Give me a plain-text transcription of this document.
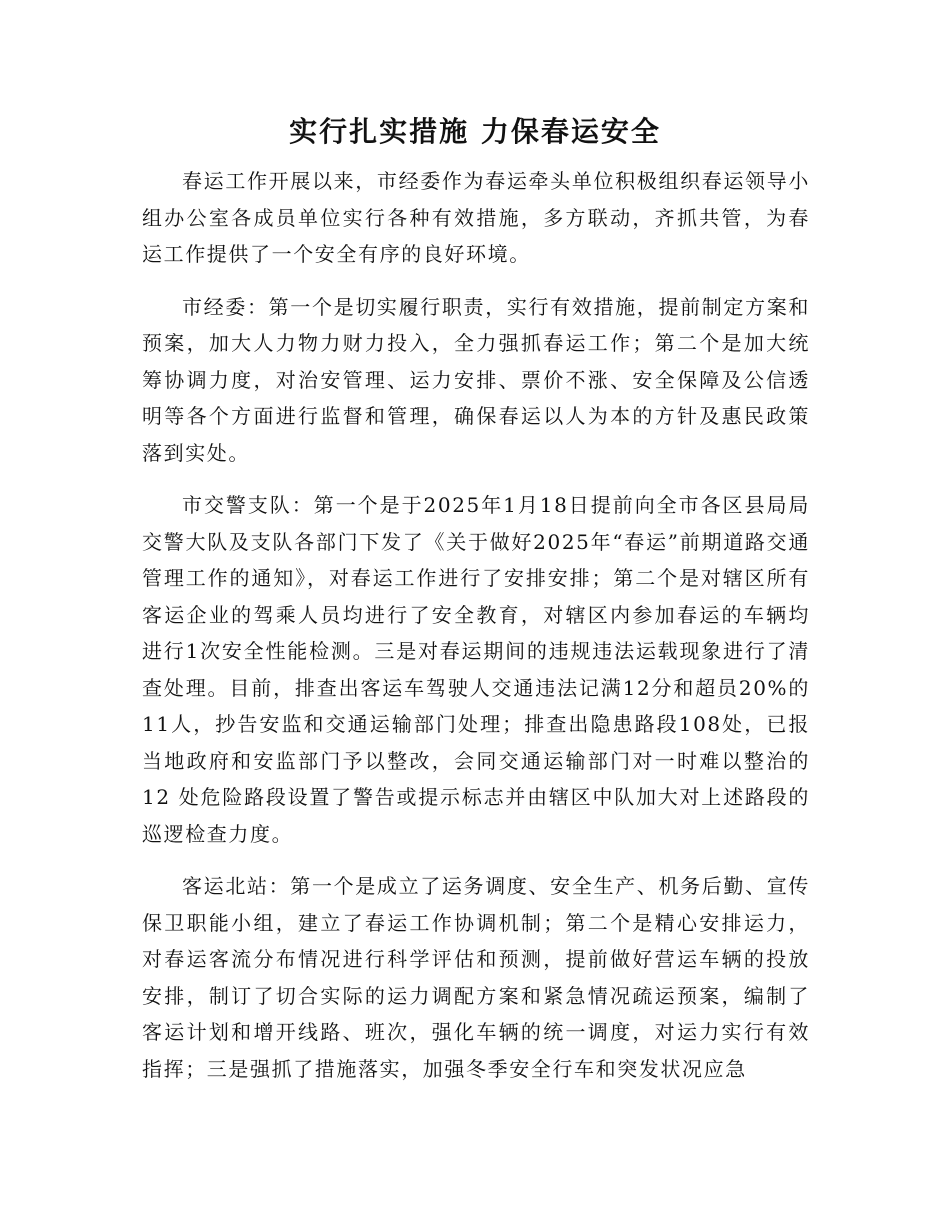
实行扎实措施 力保春运安全

春运工作开展以来，市经委作为春运牵头单位积极组织春运领导小组办公室各成员单位实行各种有效措施，多方联动，齐抓共管，为春运工作提供了一个安全有序的良好环境。

市经委：第一个是切实履行职责，实行有效措施，提前制定方案和预案，加大人力物力财力投入，全力强抓春运工作；第二个是加大统筹协调力度，对治安管理、运力安排、票价不涨、安全保障及公信透明等各个方面进行监督和管理，确保春运以人为本的方针及惠民政策落到实处。

市交警支队：第一个是于2025年1月18日提前向全市各区县局局交警大队及支队各部门下发了《关于做好2025年“春运”前期道路交通管理工作的通知》，对春运工作进行了安排安排；第二个是对辖区所有客运企业的驾乘人员均进行了安全教育，对辖区内参加春运的车辆均进行1次安全性能检测。三是对春运期间的违规违法运载现象进行了清查处理。目前，排查出客运车驾驶人交通违法记满12分和超员20%的11人，抄告安监和交通运输部门处理；排查出隐患路段108处，已报当地政府和安监部门予以整改，会同交通运输部门对一时难以整治的12 处危险路段设置了警告或提示标志并由辖区中队加大对上述路段的巡逻检查力度。

客运北站：第一个是成立了运务调度、安全生产、机务后勤、宣传保卫职能小组，建立了春运工作协调机制；第二个是精心安排运力，对春运客流分布情况进行科学评估和预测，提前做好营运车辆的投放安排，制订了切合实际的运力调配方案和紧急情况疏运预案，编制了客运计划和增开线路、班次，强化车辆的统一调度，对运力实行有效指挥；三是强抓了措施落实，加强冬季安全行车和突发状况应急
